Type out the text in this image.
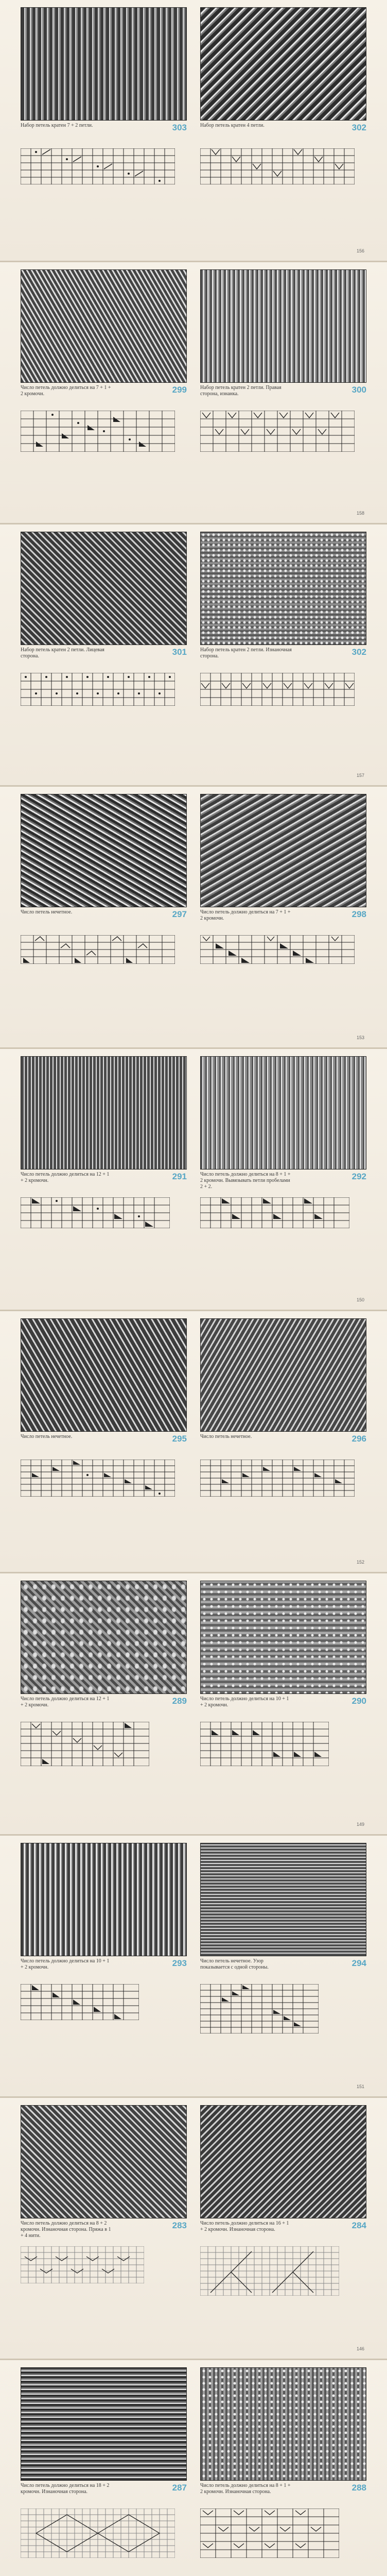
Набор петель кратен 7 + 2 петли.	303	Набор петель кратен 4 петли.	302
156
Число петель должно делиться на 7 + 1 + 2 кромочн.	299	Набор петель кратен 2 петли. Правая сторона, изнанка.	300
158
Набор петель кратен 2 петли. Лицевая сторона.	301	Набор петель кратен 2 петли. Изнаночная сторона.	302
157
Число петель нечетное.	297	Число петель должно делиться на 7 + 1 + 2 кромочн.	298
153
Число петель должно делиться на 12 + 1 + 2 кромочн.	291	Число петель должно делиться на 8 + 1 + 2 кромочн. Вывязывать петли пробелами 2 + 2.
292
150
Число петель нечетное.	295	Число петель нечетное.	296
152
Число петель должно делиться на 12 + 1 + 2 кромочн.	289	Число петель должно делиться на 10 + 1 + 2 кромочн.	290
149
Число петель должно делиться на 10 + 1 + 2 кромочн.	293	Число петель нечетное. Узор показывается с одной стороны.	294
151
Число петель должно делиться на 8 + 2 кромочн. Изнаночная сторона. Пряжа в 1 + 4 нити.
283	Число петель должно делиться на 16 + 1 + 2 кромочн. Изнаночная сторона.	284
146
Число петель должно делиться на 18 + 2 кромочн. Изнаночная сторона.	287	Число петель должно делиться на 8 + 1 + 2 кромочн. Изнаночная сторона.	288
